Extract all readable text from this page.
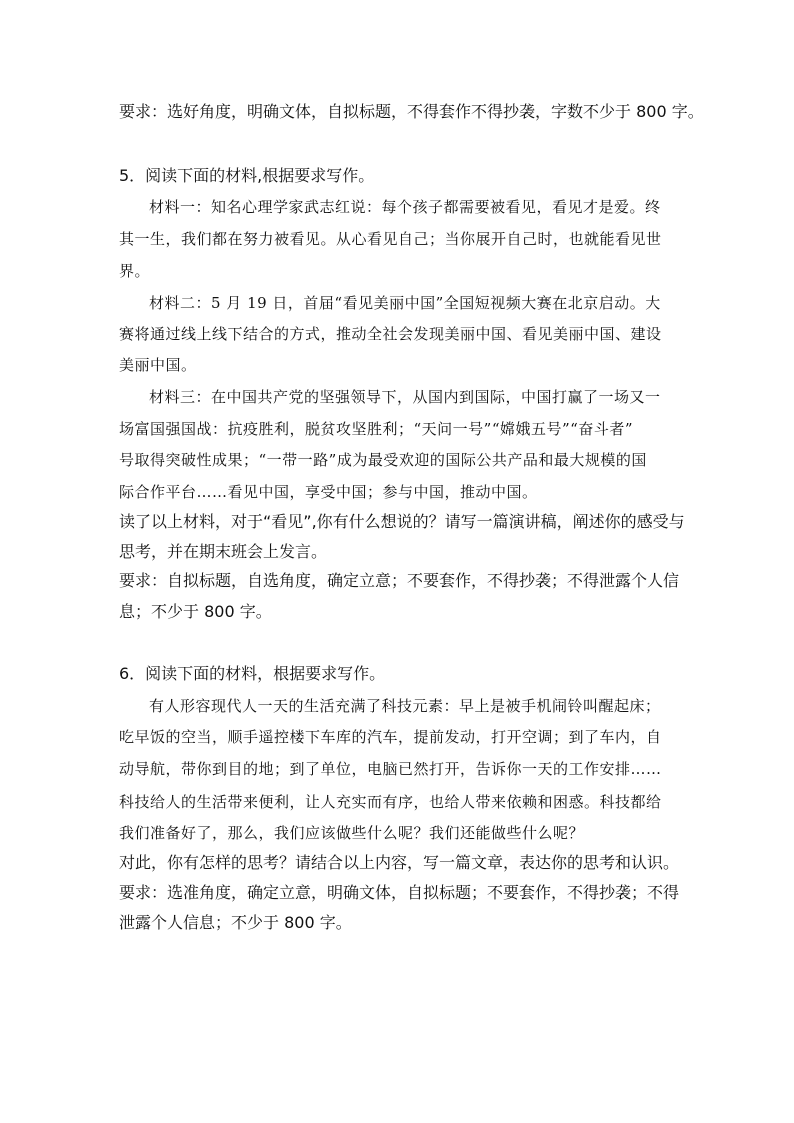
要求：选好角度，明确文体，自拟标题，不得套作不得抄袭，字数不少于 800 字。
5．阅读下面的材料,根据要求写作。
材料一：知名心理学家武志红说：每个孩子都需要被看见，看见才是爱。终
其一生，我们都在努力被看见。从心看见自己；当你展开自己时，也就能看见世
界。
材料二：5 月 19 日，首届“看见美丽中国”全国短视频大赛在北京启动。大
赛将通过线上线下结合的方式，推动全社会发现美丽中国、看见美丽中国、建设
美丽中国。
材料三：在中国共产党的坚强领导下，从国内到国际，中国打赢了一场又一
场富国强国战：抗疫胜利，脱贫攻坚胜利；“天问一号”“嫦娥五号”“奋斗者”
号取得突破性成果；“一带一路”成为最受欢迎的国际公共产品和最大规模的国
际合作平台……看见中国，享受中国；参与中国，推动中国。
读了以上材料，对于“看见”,你有什么想说的？请写一篇演讲稿，阐述你的感受与
思考，并在期末班会上发言。
要求：自拟标题，自选角度，确定立意；不要套作，不得抄袭；不得泄露个人信
息；不少于 800 字。
6．阅读下面的材料，根据要求写作。
有人形容现代人一天的生活充满了科技元素：早上是被手机闹铃叫醒起床；
吃早饭的空当，顺手遥控楼下车库的汽车，提前发动，打开空调；到了车内，自
动导航，带你到目的地；到了单位，电脑已然打开，告诉你一天的工作安排……
科技给人的生活带来便利，让人充实而有序，也给人带来依赖和困惑。科技都给
我们准备好了，那么，我们应该做些什么呢？我们还能做些什么呢？
对此，你有怎样的思考？请结合以上内容，写一篇文章，表达你的思考和认识。
要求：选准角度，确定立意，明确文体，自拟标题；不要套作，不得抄袭；不得
泄露个人信息；不少于 800 字。
